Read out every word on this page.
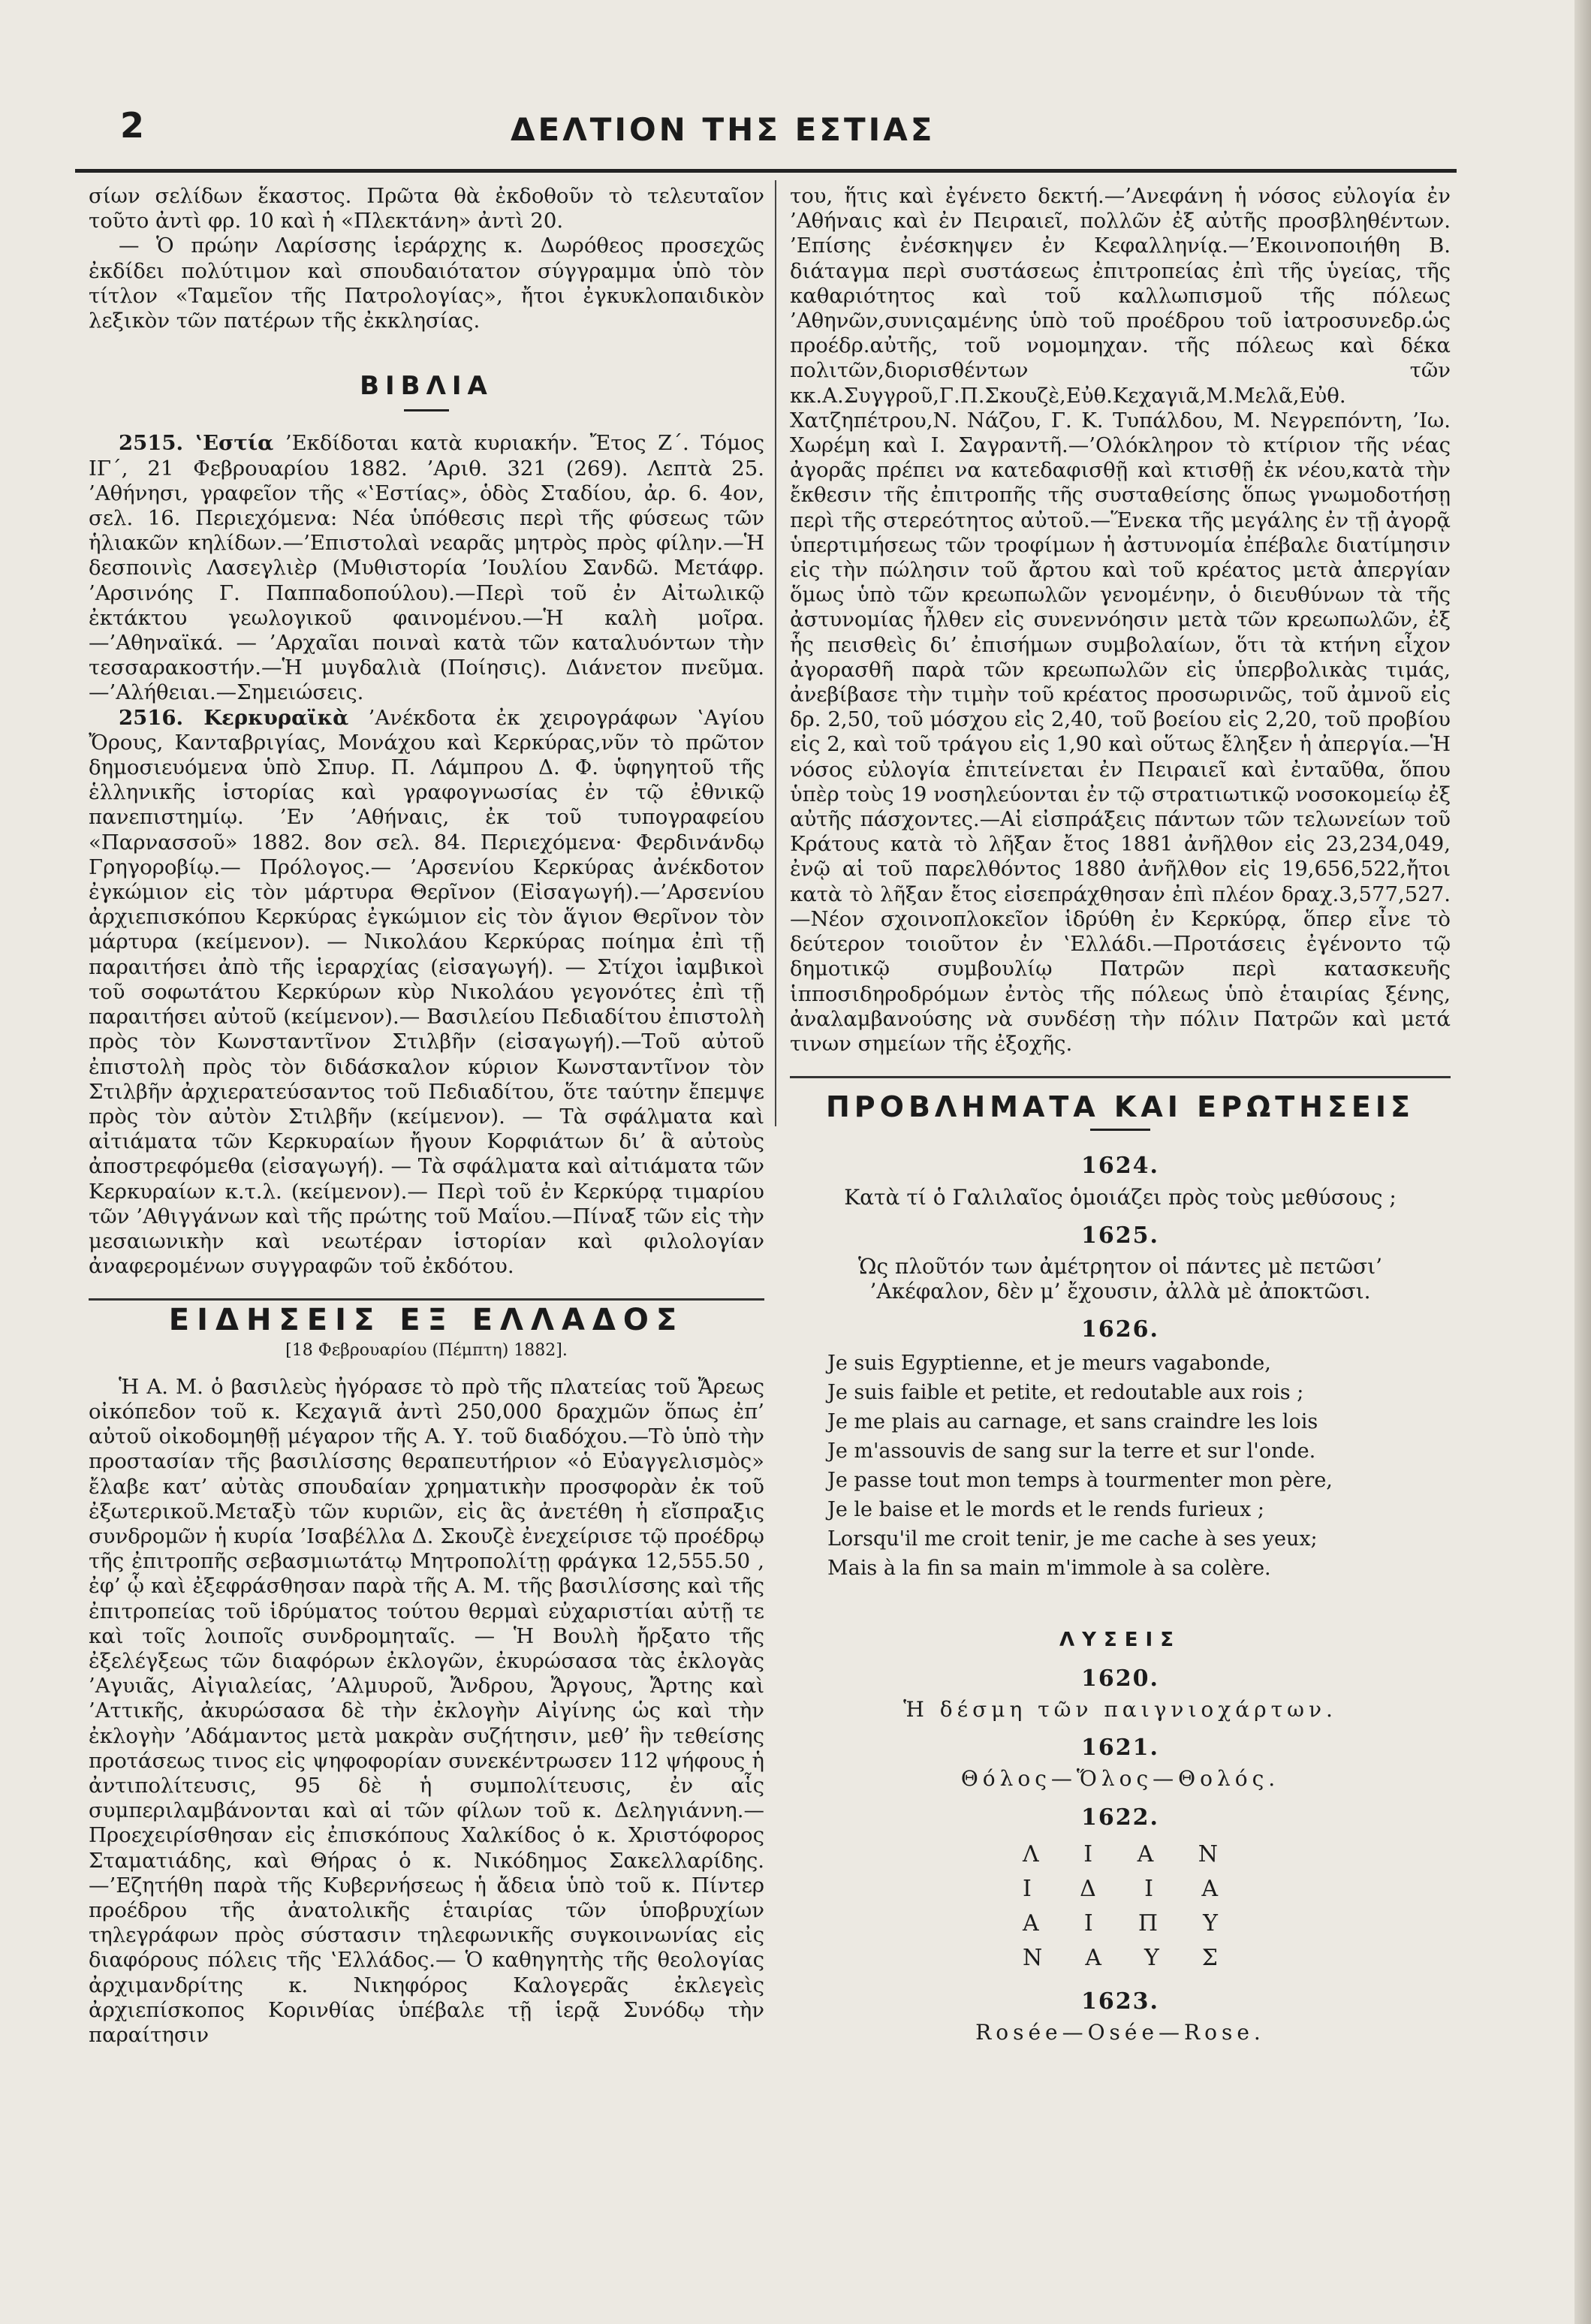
2	ΔΕΛΤΙΟΝ ΤΗΣ ΕΣΤΙΑΣ

σίων σελίδων ἕκαστος. Πρῶτα θὰ ἐκδοθοῦν τὸ τελευταῖον τοῦτο ἀντὶ φρ. 10 καὶ ἡ «Πλεκτάνη» ἀντὶ 20.

— Ὁ πρώην Λαρίσσης ἱεράρχης κ. Δωρόθεος προσεχῶς ἐκδίδει πολύτιμον καὶ σπουδαιότατον σύγγραμμα ὑπὸ τὸν τίτλον «Ταμεῖον τῆς Πατρολογίας», ἤτοι ἐγκυκλοπαιδικὸν λεξικὸν τῶν πατέρων τῆς ἐκκλησίας.

ΒΙΒΛΙΑ

2515. ‛Εστία ’Εκδίδοται κατὰ κυριακήν. Ἔτος Ζ΄. Τόμος ΙΓ΄, 21 Φεβρουαρίου 1882. ’Αριθ. 321 (269). Λεπτὰ 25. ’Αθήνησι, γραφεῖον τῆς «‛Εστίας», ὁδὸς Σταδίου, ἀρ. 6. 4ον, σελ. 16. Περιεχόμενα: Νέα ὑπόθεσις περὶ τῆς φύσεως τῶν ἡλιακῶν κηλίδων.—’Επιστολαὶ νεαρᾶς μητρὸς πρὸς φίλην.—Ἡ δεσποινὶς Λασεγλιὲρ (Μυθιστορία ’Ιουλίου Σανδῶ. Μετάφρ. ’Αρσινόης Γ. Παππαδοπούλου).—Περὶ τοῦ ἐν Αἰτωλικῷ ἐκτάκτου γεωλογικοῦ φαινομένου.—Ἡ καλὴ μοῖρα. —’Αθηναϊκά. — ’Αρχαῖαι ποιναὶ κατὰ τῶν καταλυόντων τὴν τεσσαρακοστήν.—Ἡ μυγδαλιὰ (Ποίησις). Διάνετον πνεῦμα.—’Αλήθειαι.—Σημειώσεις.

2516. Κερκυραϊκὰ ’Ανέκδοτα ἐκ χειρογράφων ‛Αγίου Ὄρους, Κανταβριγίας, Μονάχου καὶ Κερκύρας,νῦν τὸ πρῶτον δημοσιευόμενα ὑπὸ Σπυρ. Π. Λάμπρου Δ. Φ. ὑφηγητοῦ τῆς ἑλληνικῆς ἱστορίας καὶ γραφογνωσίας ἐν τῷ ἐθνικῷ πανεπιστημίῳ. ’Εν ’Αθήναις, ἐκ τοῦ τυπογραφείου «Παρνασσοῦ» 1882. 8ον σελ. 84. Περιεχόμενα· Φερδινάνδῳ Γρηγοροβίῳ.— Πρόλογος.— ’Αρσενίου Κερκύρας ἀνέκδοτον ἐγκώμιον εἰς τὸν μάρτυρα Θερῖνον (Εἰσαγωγή).—’Αρσενίου ἀρχιεπισκόπου Κερκύρας ἐγκώμιον εἰς τὸν ἅγιον Θερῖνον τὸν μάρτυρα (κείμενον). — Νικολάου Κερκύρας ποίημα ἐπὶ τῇ παραιτήσει ἀπὸ τῆς ἱεραρχίας (εἰσαγωγή). — Στίχοι ἰαμβικοὶ τοῦ σοφωτάτου Κερκύρων κὺρ Νικολάου γεγονότες ἐπὶ τῇ παραιτήσει αὐτοῦ (κείμενον).— Βασιλείου Πεδιαδίτου ἐπιστολὴ πρὸς τὸν Κωνσταντῖνον Στιλβῆν (εἰσαγωγή).—Τοῦ αὐτοῦ ἐπιστολὴ πρὸς τὸν διδάσκαλον κύριον Κωνσταντῖνον τὸν Στιλβῆν ἀρχιερατεύσαντος τοῦ Πεδιαδίτου, ὅτε ταύτην ἔπεμψε πρὸς τὸν αὐτὸν Στιλβῆν (κείμενον). — Τὰ σφάλματα καὶ αἰτιάματα τῶν Κερκυραίων ἤγουν Κορφιάτων δι’ ἃ αὐτοὺς ἀποστρεφόμεθα (εἰσαγωγή). — Τὰ σφάλματα καὶ αἰτιάματα τῶν Κερκυραίων κ.τ.λ. (κείμενον).— Περὶ τοῦ ἐν Κερκύρᾳ τιμαρίου τῶν ’Αθιγγάνων καὶ τῆς πρώτης τοῦ Μαΐου.—Πίναξ τῶν εἰς τὴν μεσαιωνικὴν καὶ νεωτέραν ἱστορίαν καὶ φιλολογίαν ἀναφερομένων συγγραφῶν τοῦ ἐκδότου.

ΕΙΔΗΣΕΙΣ ΕΞ ΕΛΛΑΔΟΣ

[18 Φεβρουαρίου (Πέμπτη) 1882].

Ἡ Α. Μ. ὁ βασιλεὺς ἠγόρασε τὸ πρὸ τῆς πλατείας τοῦ Ἄρεως οἰκόπεδον τοῦ κ. Κεχαγιᾶ ἀντὶ 250,000 δραχμῶν ὅπως ἐπ’ αὐτοῦ οἰκοδομηθῇ μέγαρον τῆς Α. Υ. τοῦ διαδόχου.—Τὸ ὑπὸ τὴν προστασίαν τῆς βασιλίσσης θεραπευτήριον «ὁ Εὐαγγελισμὸς» ἔλαβε κατ’ αὐτὰς σπουδαίαν χρηματικὴν προσφορὰν ἐκ τοῦ ἐξωτερικοῦ.Μεταξὺ τῶν κυριῶν, εἰς ἃς ἀνετέθη ἡ εἴσπραξις συνδρομῶν ἡ κυρία ’Ισαβέλλα Δ. Σκουζὲ ἐνεχείρισε τῷ προέδρῳ τῆς ἐπιτροπῆς σεβασμιωτάτῳ Μητροπολίτῃ φράγκα 12,555.50 , ἐφ’ ᾧ καὶ ἐξεφράσθησαν παρὰ τῆς Α. Μ. τῆς βασιλίσσης καὶ τῆς ἐπιτροπείας τοῦ ἱδρύματος τούτου θερμαὶ εὐχαριστίαι αὐτῇ τε καὶ τοῖς λοιποῖς συνδρομηταῖς. — Ἡ Βουλὴ ἤρξατο τῆς ἐξελέγξεως τῶν διαφόρων ἐκλογῶν, ἐκυρώσασα τὰς ἐκλογὰς ’Αγυιᾶς, Αἰγιαλείας, ’Αλμυροῦ, Ἄνδρου, Ἄργους, Ἄρτης καὶ ’Αττικῆς, ἀκυρώσασα δὲ τὴν ἐκλογὴν Αἰγίνης ὡς καὶ τὴν ἐκλογὴν ’Αδάμαντος μετὰ μακρὰν συζήτησιν, μεθ’ ἣν τεθείσης προτάσεως τινος εἰς ψηφοφορίαν συνεκέντρωσεν 112 ψήφους ἡ ἀντιπολίτευσις, 95 δὲ ἡ συμπολίτευσις, ἐν αἷς συμπεριλαμβάνονται καὶ αἱ τῶν φίλων τοῦ κ. Δεληγιάννη.—Προεχειρίσθησαν εἰς ἐπισκόπους Χαλκίδος ὁ κ. Χριστόφορος Σταματιάδης, καὶ Θήρας ὁ κ. Νικόδημος Σακελλαρίδης.—’Εζητήθη παρὰ τῆς Κυβερνήσεως ἡ ἄδεια ὑπὸ τοῦ κ. Πίντερ προέδρου τῆς ἀνατολικῆς ἑταιρίας τῶν ὑποβρυχίων τηλεγράφων πρὸς σύστασιν τηλεφωνικῆς συγκοινωνίας εἰς διαφόρους πόλεις τῆς ‛Ελλάδος.— Ὁ καθηγητὴς τῆς θεολογίας ἀρχιμανδρίτης κ. Νικηφόρος Καλογερᾶς ἐκλεγεὶς ἀρχιεπίσκοπος Κορινθίας ὑπέβαλε τῇ ἱερᾷ Συνόδῳ τὴν παραίτησιν

του, ἥτις καὶ ἐγένετο δεκτή.—’Ανεφάνη ἡ νόσος εὐλογία ἐν ’Αθήναις καὶ ἐν Πειραιεῖ, πολλῶν ἐξ αὐτῆς προσβληθέντων. ’Επίσης ἐνέσκηψεν ἐν Κεφαλληνίᾳ.—’Εκοινοποιήθη Β. διάταγμα περὶ συστάσεως ἐπιτροπείας ἐπὶ τῆς ὑγείας, τῆς καθαριότητος καὶ τοῦ καλλωπισμοῦ τῆς πόλεως ’Αθηνῶν,συνιςαμένης ὑπὸ τοῦ προέδρου τοῦ ἰατροσυνεδρ.ὡς προέδρ.αὐτῆς, τοῦ νομομηχαν. τῆς πόλεως καὶ δέκα πολιτῶν,διορισθέντων τῶν κκ.Α.Συγγροῦ,Γ.Π.Σκουζὲ,Εὐθ.Κεχαγιᾶ,Μ.Μελᾶ,Εὐθ. Χατζηπέτρου,Ν. Νάζου, Γ. Κ. Τυπάλδου, Μ. Νεγρεπόντη, ’Ιω. Χωρέμη καὶ Ι. Σαγραντῆ.—’Ολόκληρον τὸ κτίριον τῆς νέας ἀγορᾶς πρέπει να κατεδαφισθῇ καὶ κτισθῇ ἐκ νέου,κατὰ τὴν ἔκθεσιν τῆς ἐπιτροπῆς τῆς συσταθείσης ὅπως γνωμοδοτήσῃ περὶ τῆς στερεότητος αὐτοῦ.—Ἕνεκα τῆς μεγάλης ἐν τῇ ἀγορᾷ ὑπερτιμήσεως τῶν τροφίμων ἡ ἀστυνομία ἐπέβαλε διατίμησιν εἰς τὴν πώλησιν τοῦ ἄρτου καὶ τοῦ κρέατος μετὰ ἀπεργίαν ὅμως ὑπὸ τῶν κρεωπωλῶν γενομένην, ὁ διευθύνων τὰ τῆς ἀστυνομίας ἦλθεν εἰς συνεννόησιν μετὰ τῶν κρεωπωλῶν, ἐξ ἧς πεισθεὶς δι’ ἐπισήμων συμβολαίων, ὅτι τὰ κτήνη εἶχον ἀγορασθῆ παρὰ τῶν κρεωπωλῶν εἰς ὑπερβολικὰς τιμάς, ἀνεβίβασε τὴν τιμὴν τοῦ κρέατος προσωρινῶς, τοῦ ἀμνοῦ εἰς δρ. 2,50, τοῦ μόσχου εἰς 2,40, τοῦ βοείου εἰς 2,20, τοῦ προβίου εἰς 2, καὶ τοῦ τράγου εἰς 1,90 καὶ οὕτως ἔληξεν ἡ ἀπεργία.—Ἡ νόσος εὐλογία ἐπιτείνεται ἐν Πειραιεῖ καὶ ἐνταῦθα, ὅπου ὑπὲρ τοὺς 19 νοσηλεύονται ἐν τῷ στρατιωτικῷ νοσοκομείῳ ἐξ αὐτῆς πάσχοντες.—Αἱ εἰσπράξεις πάντων τῶν τελωνείων τοῦ Κράτους κατὰ τὸ λῆξαν ἔτος 1881 ἀνῆλθον εἰς 23,234,049, ἐνῷ αἱ τοῦ παρελθόντος 1880 ἀνῆλθον εἰς 19,656,522,ἤτοι κατὰ τὸ λῆξαν ἔτος εἰσεπράχθησαν ἐπὶ πλέον δραχ.3,577,527.—Νέον σχοινοπλοκεῖον ἱδρύθη ἐν Κερκύρᾳ, ὅπερ εἶνε τὸ δεύτερον τοιοῦτον ἐν ‛Ελλάδι.—Προτάσεις ἐγένοντο τῷ δημοτικῷ συμβουλίῳ Πατρῶν περὶ κατασκευῆς ἱπποσιδηροδρόμων ἐντὸς τῆς πόλεως ὑπὸ ἑταιρίας ξένης, ἀναλαμβανούσης νὰ συνδέσῃ τὴν πόλιν Πατρῶν καὶ μετά τινων σημείων τῆς ἐξοχῆς.

ΠΡΟΒΛΗΜΑΤΑ ΚΑΙ ΕΡΩΤΗΣΕΙΣ

1624.

Κατὰ τί ὁ Γαλιλαῖος ὁμοιάζει πρὸς τοὺς μεθύσους ;

1625.

Ὡς πλοῦτόν των ἀμέτρητον οἱ πάντες μὲ πετῶσι’

’Ακέφαλον, δὲν μ’ ἔχουσιν, ἀλλὰ μὲ ἀποκτῶσι.

1626.

Je suis Egyptienne, et je meurs vagabonde,
Je suis faible et petite, et redoutable aux rois ;
Je me plais au carnage, et sans craindre les lois
Je m'assouvis de sang sur la terre et sur l'onde.
Je passe tout mon temps à tourmenter mon père,
Je le baise et le mords et le rends furieux ;
Lorsqu'il me croit tenir, je me cache à ses yeux;
Mais à la fin sa main m'immole à sa colère.
ΛΥΣΕΙΣ

1620.

Ἡ δέσμη τῶν παιγνιοχάρτων.

1621.

Θόλος—Ὅλος—Θολός.

1622.

Λ Ι Α Ν
Ι Δ Ι Α
Α Ι Π Υ
Ν Α Υ Σ

1623.

Rosée—Osée—Rose.
